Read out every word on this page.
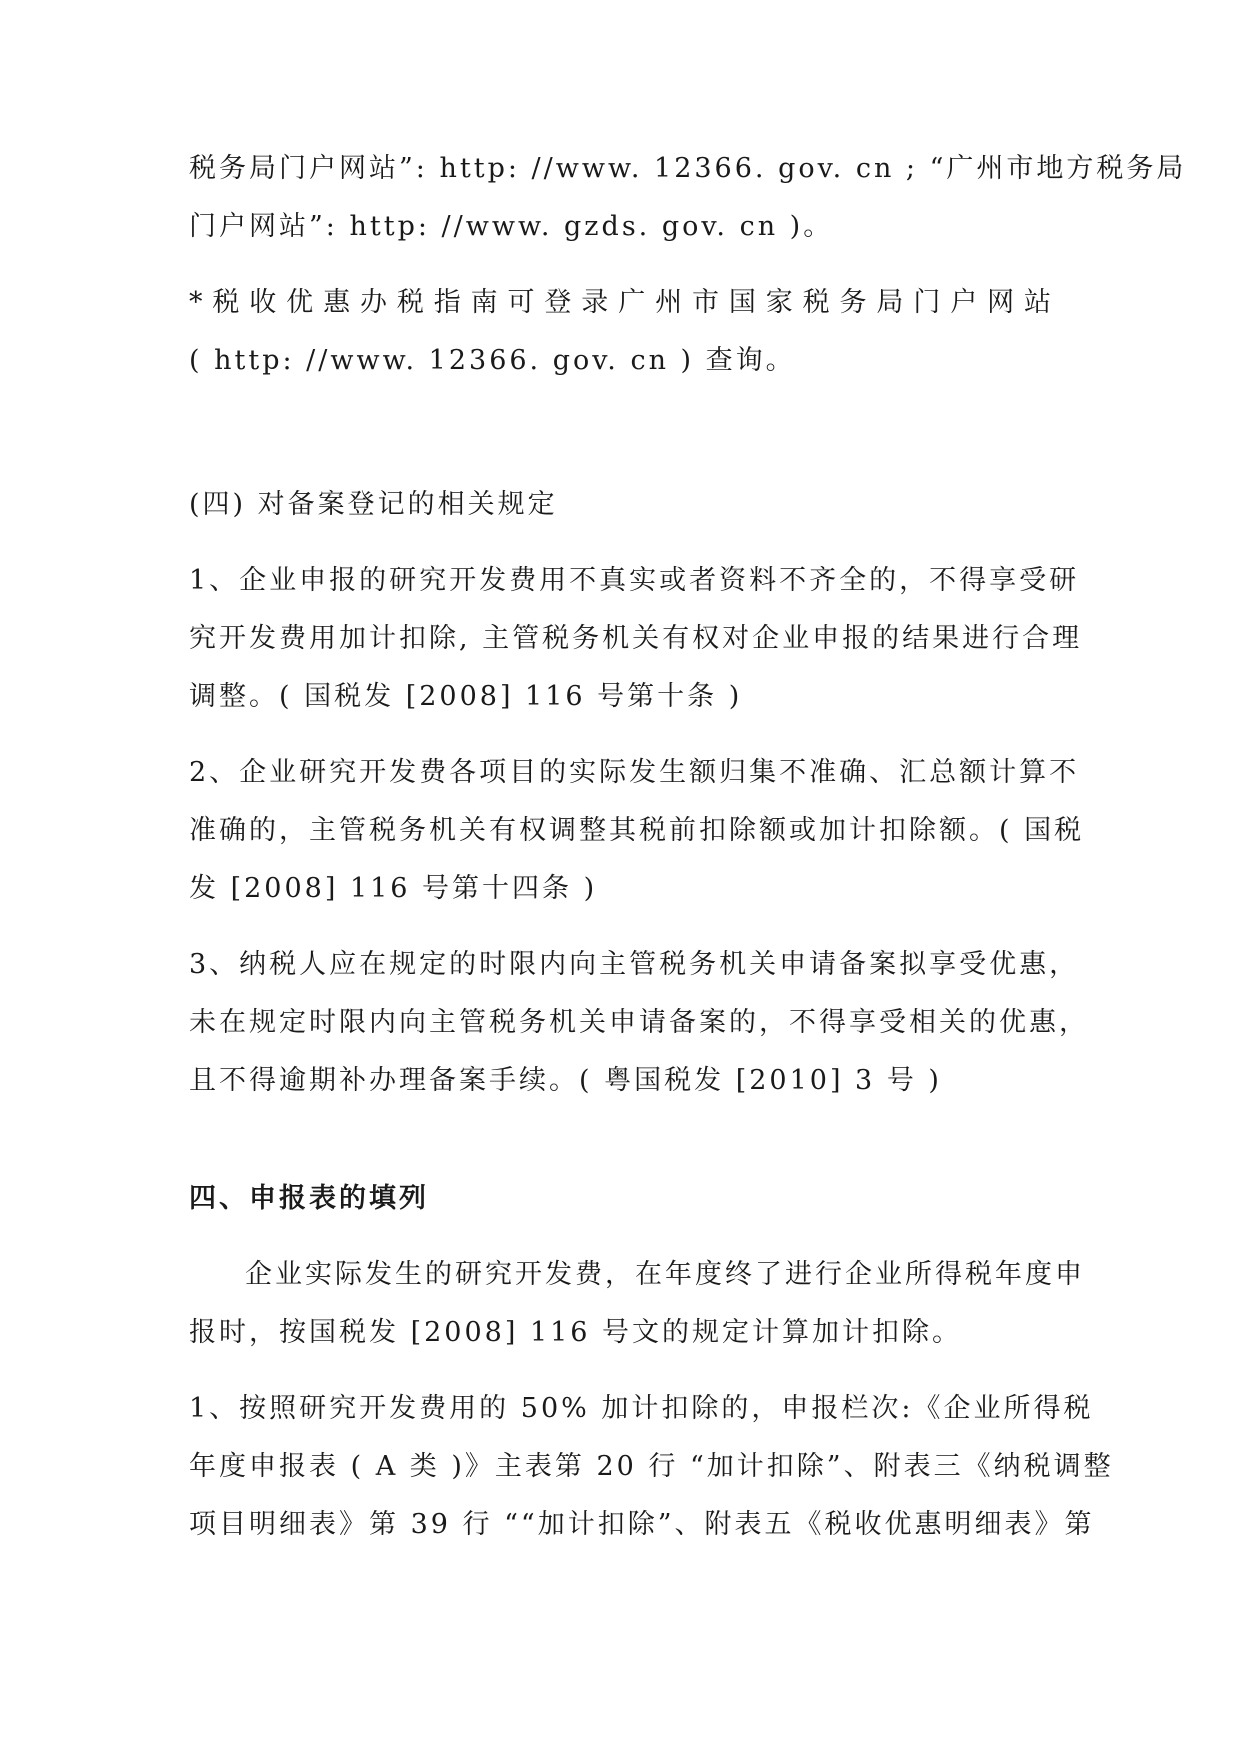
税务局门户网站”: http: //www. 12366. gov. cn ; “广州市地方税务局
门户网站”: http: //www. gzds. gov. cn )。
*税收优惠办税指南可登录广州市国家税务局门户网站
( http: //www. 12366. gov. cn ) 查询。
(四) 对备案登记的相关规定
1、企业申报的研究开发费用不真实或者资料不齐全的，不得享受研
究开发费用加计扣除, 主管税务机关有权对企业申报的结果进行合理
调整。( 国税发 [2008] 116 号第十条 )
2、企业研究开发费各项目的实际发生额归集不准确、汇总额计算不
准确的，主管税务机关有权调整其税前扣除额或加计扣除额。( 国税
发 [2008] 116 号第十四条 )
3、纳税人应在规定的时限内向主管税务机关申请备案拟享受优惠，
未在规定时限内向主管税务机关申请备案的，不得享受相关的优惠，
且不得逾期补办理备案手续。( 粤国税发 [2010] 3 号 )
四、申报表的填列
企业实际发生的研究开发费，在年度终了进行企业所得税年度申
报时，按国税发 [2008] 116 号文的规定计算加计扣除。
1、按照研究开发费用的 50% 加计扣除的，申报栏次:《企业所得税
年度申报表 ( A 类 )》主表第 20 行 “加计扣除”、附表三《纳税调整
项目明细表》第 39 行 ““加计扣除”、附表五《税收优惠明细表》第
